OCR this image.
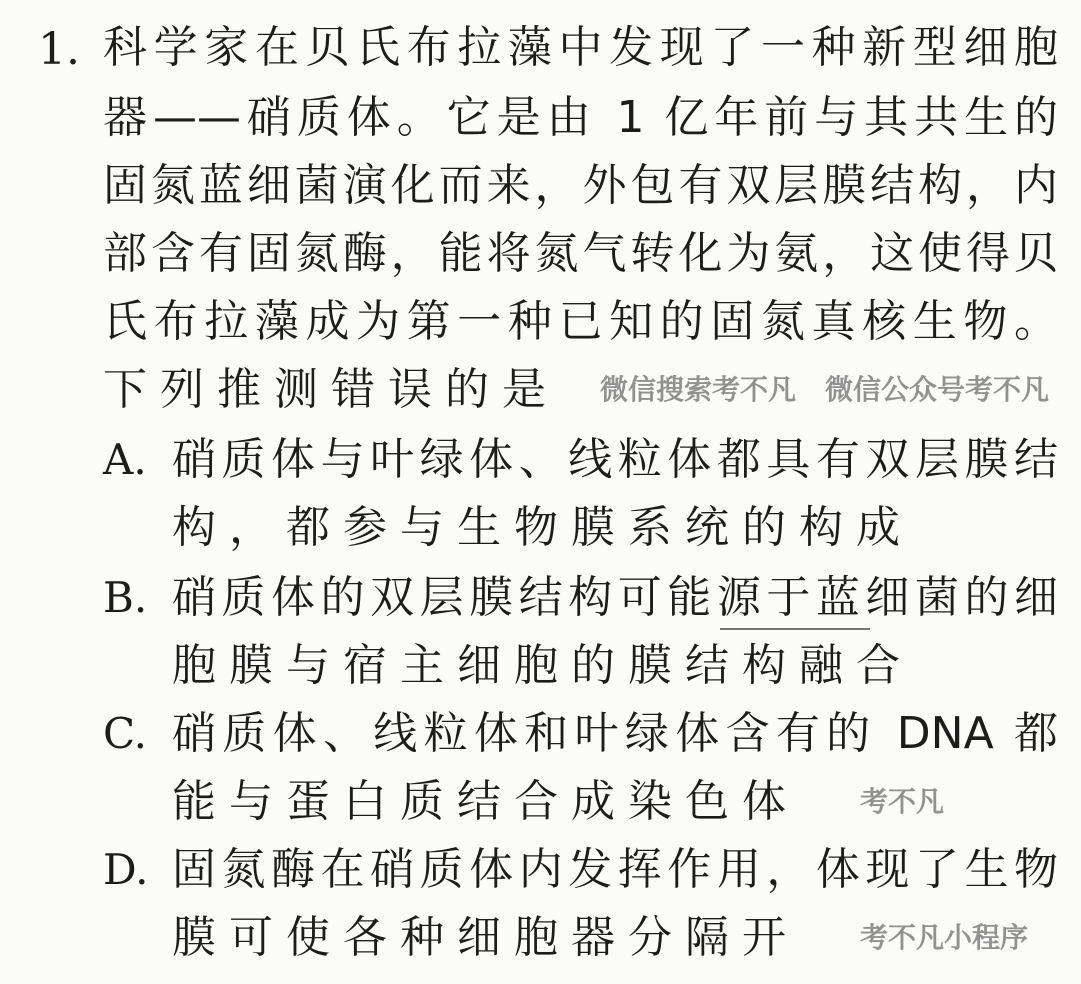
1. 科学家在贝氏布拉藻中发现了一种新型细胞
器——硝质体。它是由 1 亿年前与其共生的
固氮蓝细菌演化而来，外包有双层膜结构，内
部含有固氮酶，能将氮气转化为氨，这使得贝
氏布拉藻成为第一种已知的固氮真核生物。
下列推测错误的是
A. 硝质体与叶绿体、线粒体都具有双层膜结
构，都参与生物膜系统的构成
B. 硝质体的双层膜结构可能源于蓝细菌的细
胞膜与宿主细胞的膜结构融合
C. 硝质体、线粒体和叶绿体含有的 DNA 都
能与蛋白质结合成染色体
D. 固氮酶在硝质体内发挥作用，体现了生物
膜可使各种细胞器分隔开
微信搜索考不凡
考不凡小程序
微信公众号考不凡
考不凡
